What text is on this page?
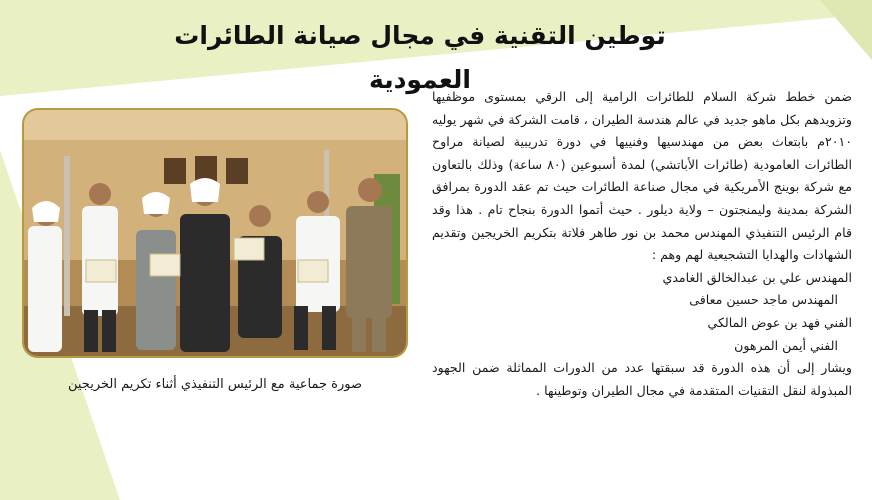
توطين التقنية في مجال صيانة الطائرات العمودية

ضمن خطط شركة السلام للطائرات الرامية إلى الرقي بمستوى موظفيها وتزويدهم بكل ماهو جديد في عالم هندسة الطيران ، قامت الشركة في شهر يوليه ٢٠١٠م بابتعاث بعض من مهندسيها وفنييها في دورة تدريبية لصيانة مراوح الطائرات العامودية (طائرات الأباتشي) لمدة أسبوعين (٨٠ ساعة) وذلك بالتعاون مع شركة بوينج الأمريكية في مجال صناعة الطائرات حيث تم عقد الدورة بمرافق الشركة بمدينة وليمنجتون – ولاية ديلور . حيث أتموا الدورة بنجاح تام . هذا وقد قام الرئيس التنفيذي المهندس محمد بن نور طاهر فلاتة بتكريم الخريجين وتقديم الشهادات والهدايا التشجيعية لهم وهم :

المهندس علي بن عبدالخالق الغامدي
المهندس ماجد حسين معافى
الفني فهد بن عوض المالكي
الفني أيمن المرهون

ويشار إلى أن هذه الدورة قد سبقتها عدد من الدورات المماثلة ضمن الجهود المبذولة لنقل التقنيات المتقدمة في مجال الطيران وتوطينها .

صورة جماعية مع الرئيس التنفيذي أثناء تكريم الخريجين
